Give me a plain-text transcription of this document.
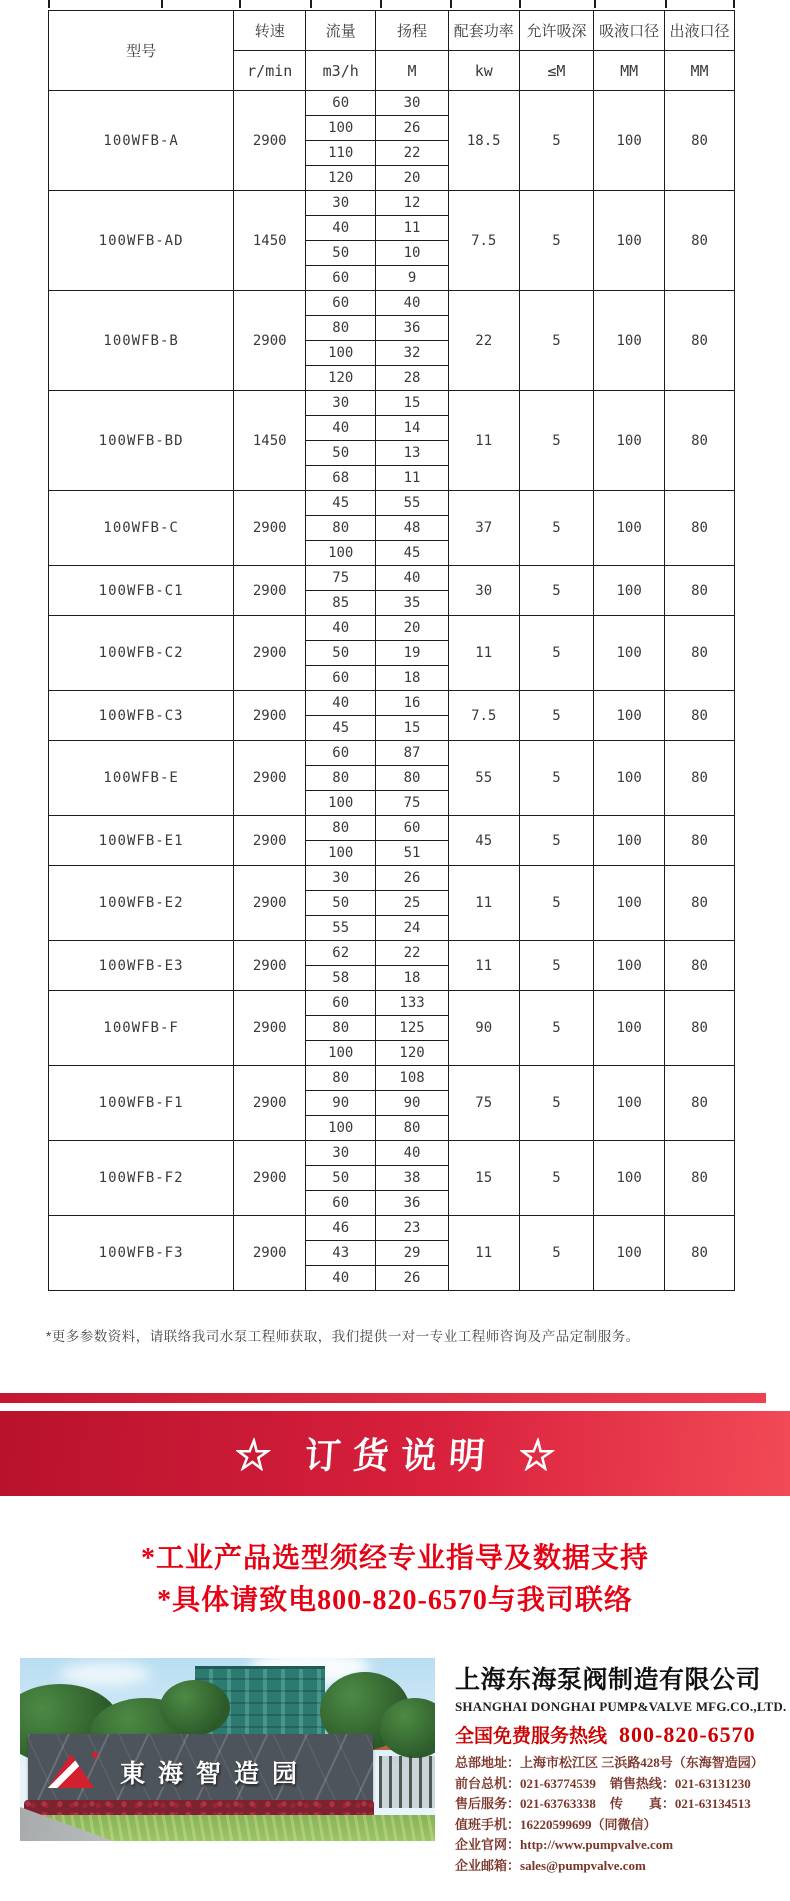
型号	转速	流量	扬程	配套功率	允许吸深	吸液口径	出液口径
	r/min	m3/h	M	kw	≤M	MM	MM
100WFB-A	2900	60	30	18.5	5	100	80
		100	26				
		110	22				
		120	20				
100WFB-AD	1450	30	12	7.5	5	100	80
		40	11				
		50	10				
		60	9				
100WFB-B	2900	60	40	22	5	100	80
		80	36				
		100	32				
		120	28				
100WFB-BD	1450	30	15	11	5	100	80
		40	14				
		50	13				
		68	11				
100WFB-C	2900	45	55	37	5	100	80
		80	48				
		100	45				
100WFB-C1	2900	75	40	30	5	100	80
		85	35				
100WFB-C2	2900	40	20	11	5	100	80
		50	19				
		60	18				
100WFB-C3	2900	40	16	7.5	5	100	80
		45	15				
100WFB-E	2900	60	87	55	5	100	80
		80	80				
		100	75				
100WFB-E1	2900	80	60	45	5	100	80
		100	51				
100WFB-E2	2900	30	26	11	5	100	80
		50	25				
		55	24				
100WFB-E3	2900	62	22	11	5	100	80
		58	18				
100WFB-F	2900	60	133	90	5	100	80
		80	125				
		100	120				
100WFB-F1	2900	80	108	75	5	100	80
		90	90				
		100	80				
100WFB-F2	2900	30	40	15	5	100	80
		50	38				
		60	36				
100WFB-F3	2900	46	23	11	5	100	80
		43	29				
		40	26				
*更多参数资料，请联络我司水泵工程师获取，我们提供一对一专业工程师咨询及产品定制服务。
☆ 订货说明 ☆
*工业产品选型须经专业指导及数据支持
*具体请致电800-820-6570与我司联络
東海智造园
上海东海泵阀制造有限公司
SHANGHAI DONGHAI PUMP&VALVE MFG.CO.,LTD.
全国免费服务热线 800-820-6570
总部地址：上海市松江区 三浜路428号（东海智造园）
前台总机：021-63774539 销售热线：021-63131230
售后服务：021-63763338 传　　真：021-63134513
值班手机：16220599699（同微信）
企业官网：http://www.pumpvalve.com
企业邮箱：sales@pumpvalve.com
